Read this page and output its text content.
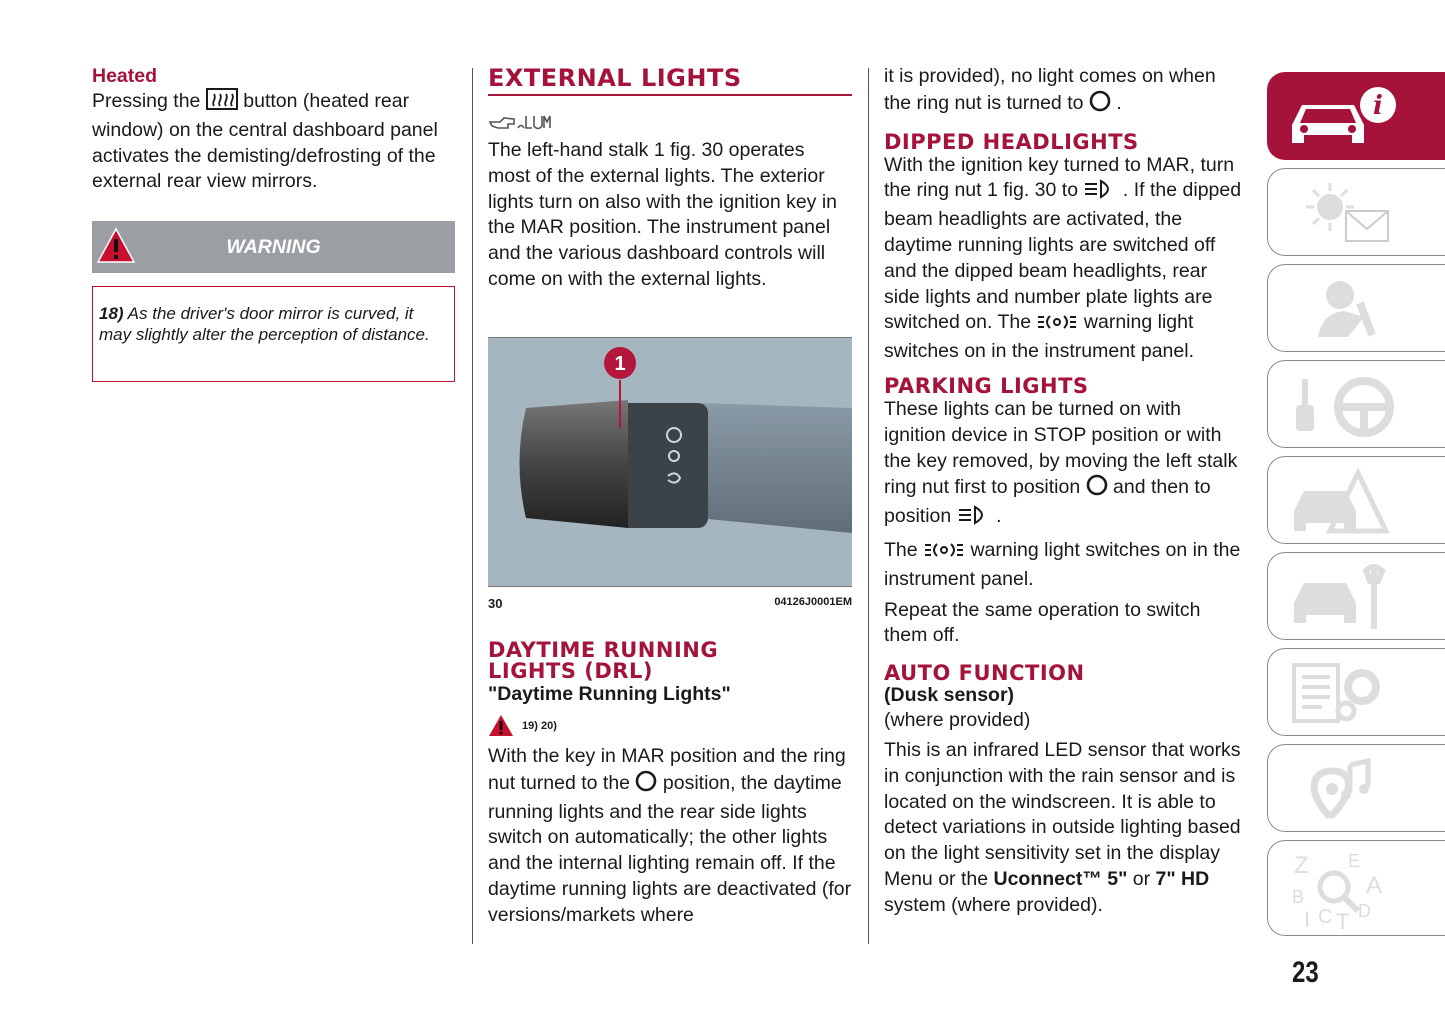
Heated

Pressing the button (heated rear window) on the central dashboard panel activates the demisting/defrosting of the external rear view mirrors.

WARNING
18) As the driver's door mirror is curved, it may slightly alter the perception of distance.
EXTERNAL LIGHTS

The left-hand stalk 1 fig. 30 operates most of the external lights. The exterior lights turn on also with the ignition key in the MAR position. The instrument panel and the various dashboard controls will come on with the external lights.

1
30	04126J0001EM
DAYTIME RUNNING
LIGHTS (DRL)
"Daytime Running Lights"
19) 20)

With the key in MAR position and the ring nut turned to the position, the daytime running lights and the rear side lights switch on automatically; the other lights and the internal lighting remain off. If the daytime running lights are deactivated (for versions/markets where

it is provided), no light comes on when the ring nut is turned to .

DIPPED HEADLIGHTS

With the ignition key turned to MAR, turn the ring nut 1 fig. 30 to . If the dipped beam headlights are activated, the daytime running lights are switched off and the dipped beam headlights, rear side lights and number plate lights are switched on. The	warning light switches on in the instrument panel.

PARKING LIGHTS

These lights can be turned on with ignition device in STOP position or with the key removed, by moving the left stalk ring nut first to position and then to position .

The	warning light switches on in the instrument panel.

Repeat the same operation to switch them off.

AUTO FUNCTION
(Dusk sensor)

(where provided)

This is an infrared LED sensor that works in conjunction with the rain sensor and is located on the windscreen. It is able to detect variations in outside lighting based on the light sensitivity set in the display Menu or the Uconnect™ 5" or 7" HD system (where provided).

i
Z E
A
B
D
I C T
23
